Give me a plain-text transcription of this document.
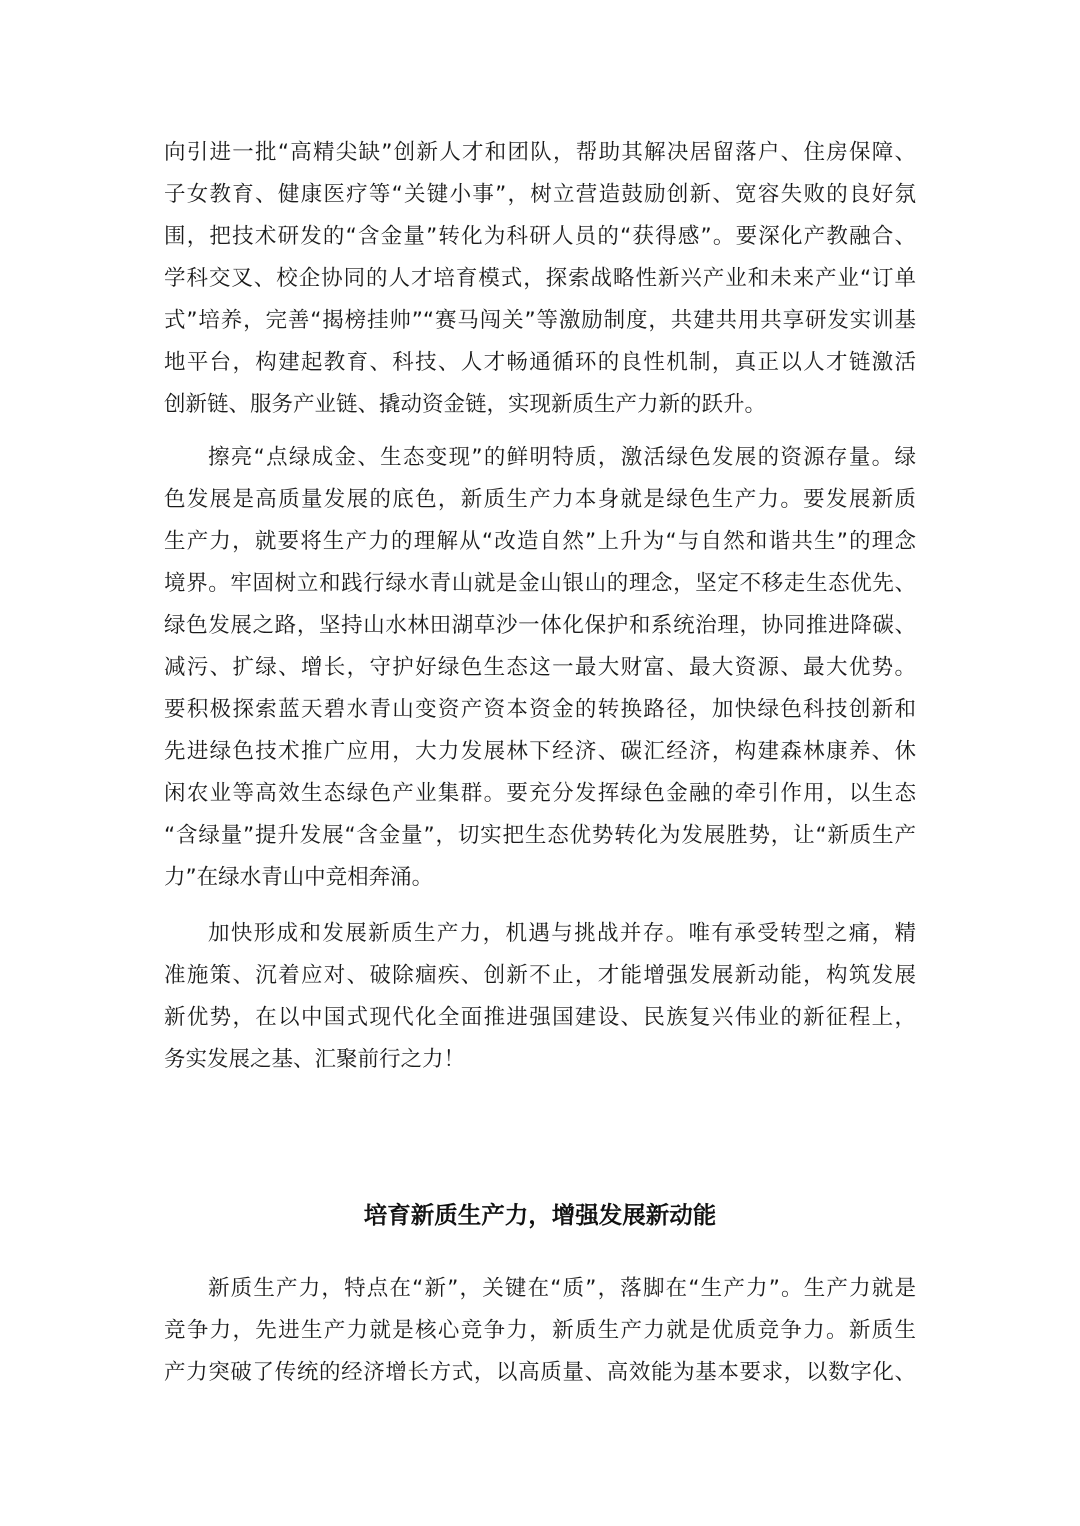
向引进一批“高精尖缺”创新人才和团队，帮助其解决居留落户、住房保障、
子女教育、健康医疗等“关键小事”，树立营造鼓励创新、宽容失败的良好氛
围，把技术研发的“含金量”转化为科研人员的“获得感”。要深化产教融合、
学科交叉、校企协同的人才培育模式，探索战略性新兴产业和未来产业“订单
式”培养，完善“揭榜挂帅”“赛马闯关”等激励制度，共建共用共享研发实训基
地平台，构建起教育、科技、人才畅通循环的良性机制，真正以人才链激活
创新链、服务产业链、撬动资金链，实现新质生产力新的跃升。
擦亮“点绿成金、生态变现”的鲜明特质，激活绿色发展的资源存量。绿
色发展是高质量发展的底色，新质生产力本身就是绿色生产力。要发展新质
生产力，就要将生产力的理解从“改造自然”上升为“与自然和谐共生”的理念
境界。牢固树立和践行绿水青山就是金山银山的理念，坚定不移走生态优先、
绿色发展之路，坚持山水林田湖草沙一体化保护和系统治理，协同推进降碳、
减污、扩绿、增长，守护好绿色生态这一最大财富、最大资源、最大优势。
要积极探索蓝天碧水青山变资产资本资金的转换路径，加快绿色科技创新和
先进绿色技术推广应用，大力发展林下经济、碳汇经济，构建森林康养、休
闲农业等高效生态绿色产业集群。要充分发挥绿色金融的牵引作用，以生态
“含绿量”提升发展“含金量”，切实把生态优势转化为发展胜势，让“新质生产
力”在绿水青山中竞相奔涌。
加快形成和发展新质生产力，机遇与挑战并存。唯有承受转型之痛，精
准施策、沉着应对、破除痼疾、创新不止，才能增强发展新动能，构筑发展
新优势，在以中国式现代化全面推进强国建设、民族复兴伟业的新征程上，
务实发展之基、汇聚前行之力！
培育新质生产力，增强发展新动能
新质生产力，特点在“新”，关键在“质”，落脚在“生产力”。生产力就是
竞争力，先进生产力就是核心竞争力，新质生产力就是优质竞争力。新质生
产力突破了传统的经济增长方式，以高质量、高效能为基本要求，以数字化、
